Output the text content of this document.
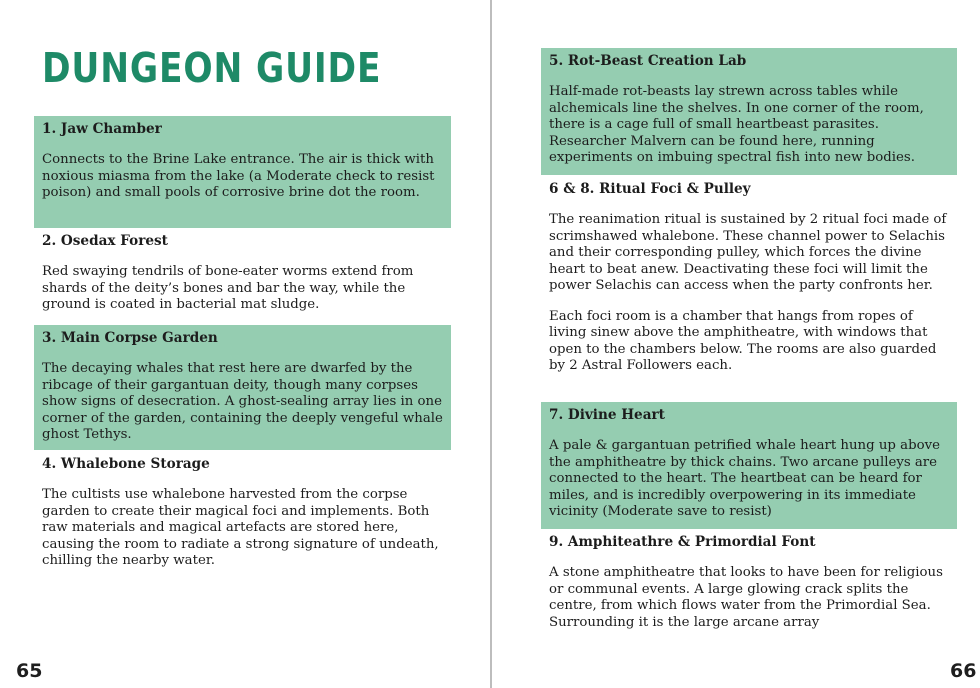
DUNGEON GUIDE
1. Jaw Chamber

Connects to the Brine Lake entrance. The air is thick with noxious miasma from the lake (a Moderate check to resist poison) and small pools of corrosive brine dot the room.

2. Osedax Forest

Red swaying tendrils of bone-eater worms extend from shards of the deity’s bones and bar the way, while the ground is coated in bacterial mat sludge.

3. Main Corpse Garden

The decaying whales that rest here are dwarfed by the ribcage of their gargantuan deity, though many corpses show signs of desecration. A ghost-sealing array lies in one corner of the garden, containing the deeply vengeful whale ghost Tethys.

4. Whalebone Storage

The cultists use whalebone harvested from the corpse garden to create their magical foci and implements. Both raw materials and magical artefacts are stored here, causing the room to radiate a strong signature of undeath, chilling the nearby water.

65
5. Rot-Beast Creation Lab

Half-made rot-beasts lay strewn across tables while alchemicals line the shelves. In one corner of the room, there is a cage full of small heartbeast parasites. Researcher Malvern can be found here, running experiments on imbuing spectral fish into new bodies.

6 & 8. Ritual Foci & Pulley

The reanimation ritual is sustained by 2 ritual foci made of scrimshawed whalebone. These channel power to Selachis and their corresponding pulley, which forces the divine heart to beat anew. Deactivating these foci will limit the power Selachis can access when the party confronts her.

Each foci room is a chamber that hangs from ropes of living sinew above the amphitheatre, with windows that open to the chambers below. The rooms are also guarded by 2 Astral Followers each.

7. Divine Heart

A pale & gargantuan petrified whale heart hung up above the amphitheatre by thick chains. Two arcane pulleys are connected to the heart. The heartbeat can be heard for miles, and is incredibly overpowering in its immediate vicinity (Moderate save to resist)

9. Amphiteathre & Primordial Font

A stone amphitheatre that looks to have been for religious or communal events. A large glowing crack splits the centre, from which flows water from the Primordial Sea. Surrounding it is the large arcane array

66
